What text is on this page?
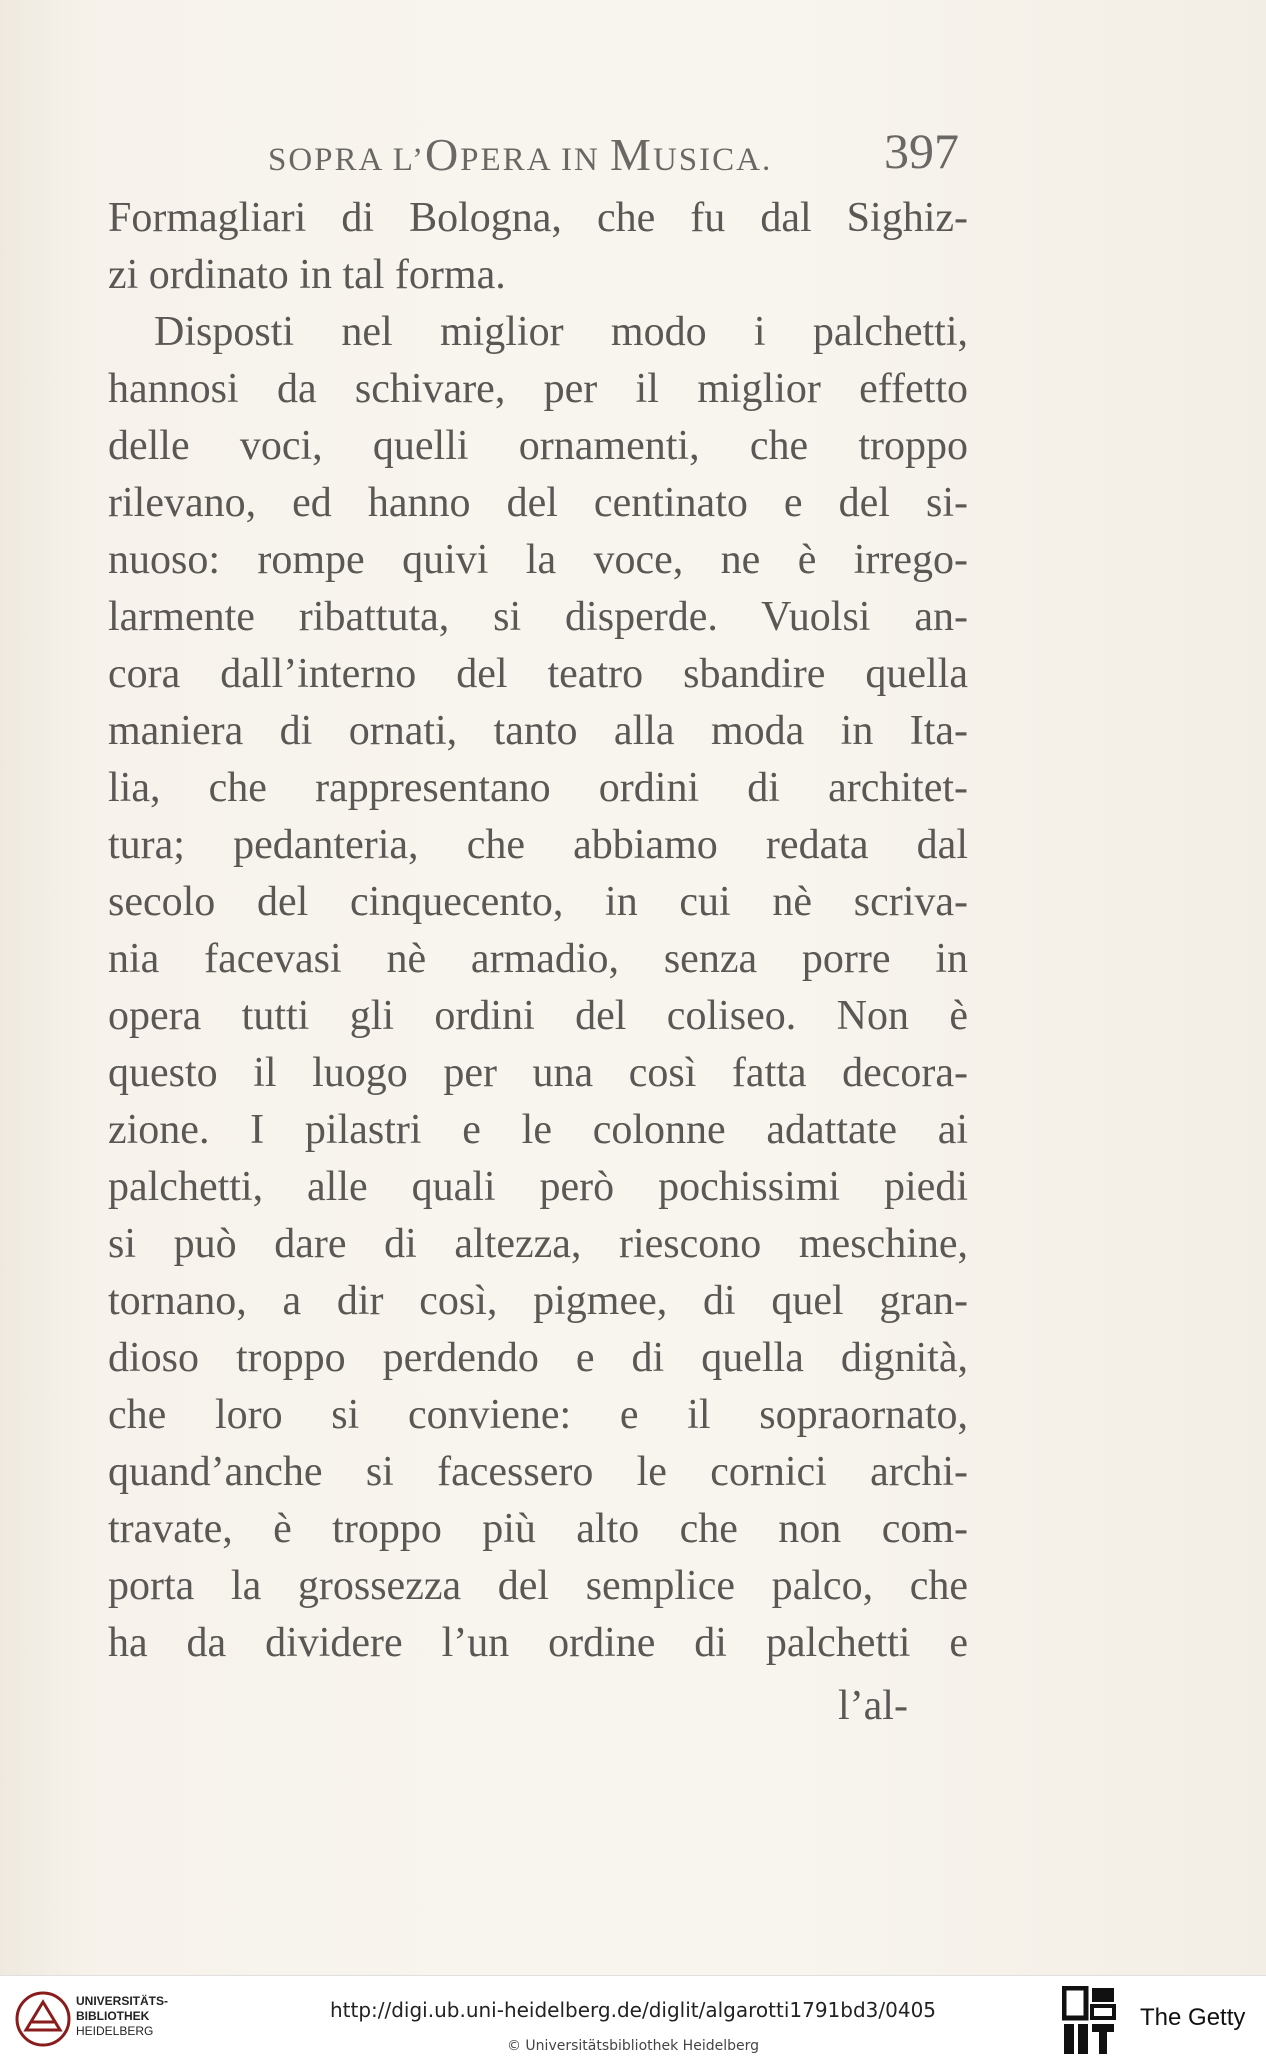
SOPRA L’OPERA IN MUSICA. 397
Formagliari di Bologna, che fu dal Sighiz-
zi ordinato in tal forma.
Disposti nel miglior modo i palchetti,
hannosi da schivare, per il miglior effetto
delle voci, quelli ornamenti, che troppo
rilevano, ed hanno del centinato e del si-
nuoso: rompe quivi la voce, ne è irrego-
larmente ribattuta, si disperde. Vuolsi an-
cora dall’interno del teatro sbandire quella
maniera di ornati, tanto alla moda in Ita-
lia, che rappresentano ordini di architet-
tura; pedanteria, che abbiamo redata dal
secolo del cinquecento, in cui nè scriva-
nia facevasi nè armadio, senza porre in
opera tutti gli ordini del coliseo. Non è
questo il luogo per una così fatta decora-
zione. I pilastri e le colonne adattate ai
palchetti, alle quali però pochissimi piedi
si può dare di altezza, riescono meschine,
tornano, a dir così, pigmee, di quel gran-
dioso troppo perdendo e di quella dignità,
che loro si conviene: e il sopraornato,
quand’anche si facessero le cornici archi-
travate, è troppo più alto che non com-
porta la grossezza del semplice palco, che
ha da dividere l’un ordine di palchetti e
l’al-
UNIVERSITÄTS-
BIBLIOTHEK
HEIDELBERG
http://digi.ub.uni-heidelberg.de/diglit/algarotti1791bd3/0405
© Universitätsbibliothek Heidelberg
The Getty
